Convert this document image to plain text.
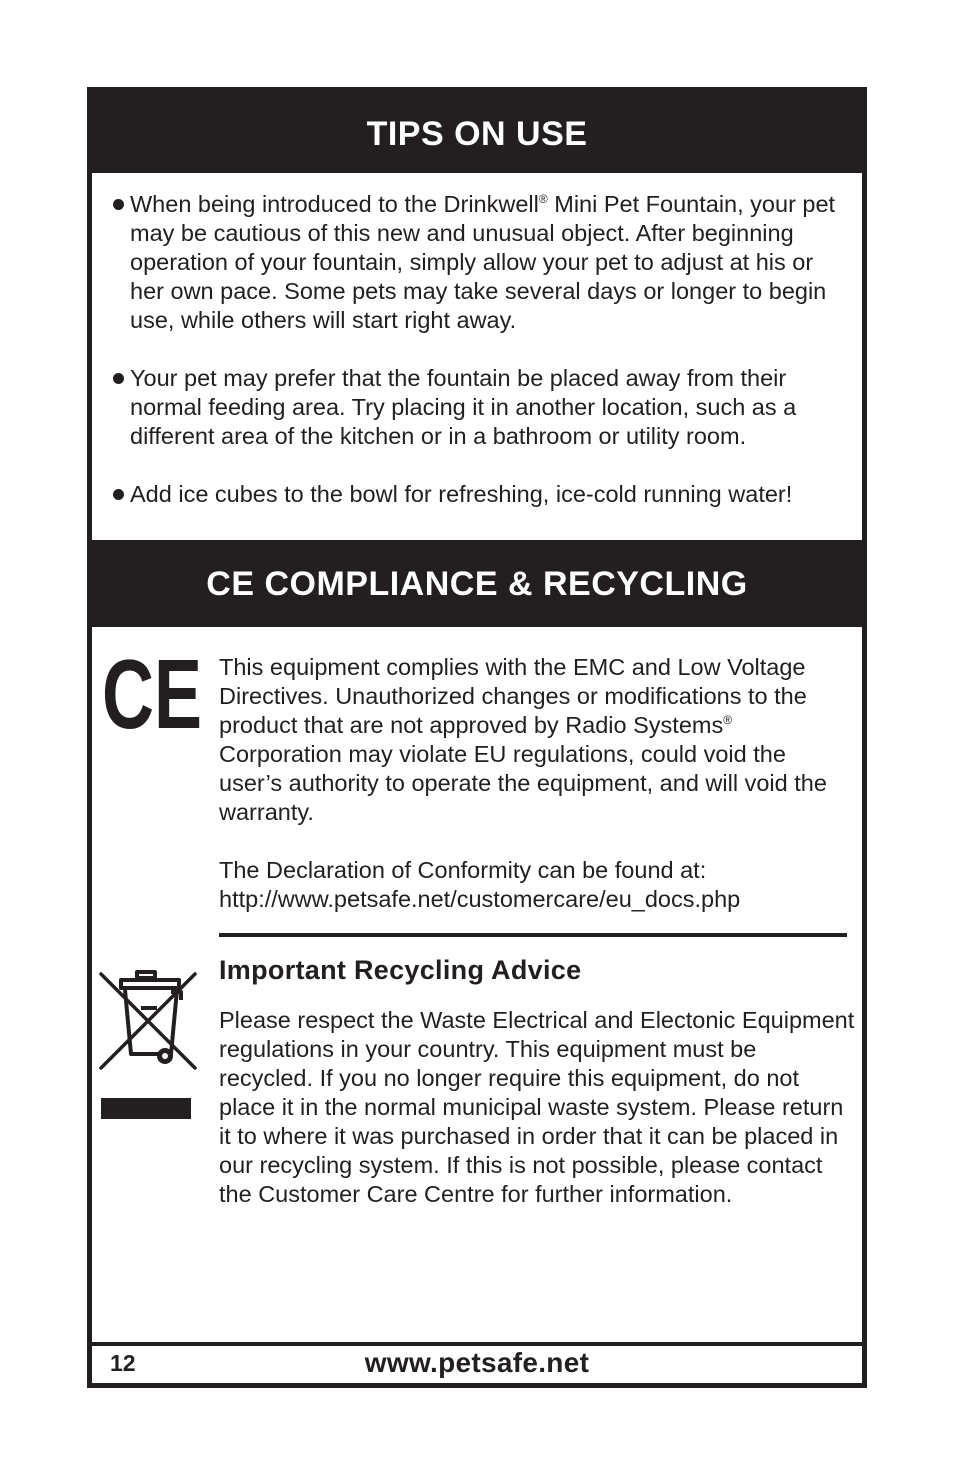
TIPS ON USE
When being introduced to the Drinkwell® Mini Pet Fountain, your pet may be cautious of this new and unusual object. After beginning operation of your fountain, simply allow your pet to adjust at his or her own pace. Some pets may take several days or longer to begin use, while others will start right away.
Your pet may prefer that the fountain be placed away from their normal feeding area. Try placing it in another location, such as a different area of the kitchen or in a bathroom or utility room.
Add ice cubes to the bowl for refreshing, ice-cold running water!
CE COMPLIANCE & RECYCLING
CE This equipment complies with the EMC and Low Voltage Directives. Unauthorized changes or modifications to the product that are not approved by Radio Systems® Corporation may violate EU regulations, could void the user’s authority to operate the equipment, and will void the warranty.

The Declaration of Conformity can be found at:
http://www.petsafe.net/customercare/eu_docs.php

Important Recycling Advice

Please respect the Waste Electrical and Electonic Equipment regulations in your country. This equipment must be recycled. If you no longer require this equipment, do not place it in the normal municipal waste system. Please return it to where it was purchased in order that it can be placed in our recycling system. If this is not possible, please contact the Customer Care Centre for further information.

12	www.petsafe.net
